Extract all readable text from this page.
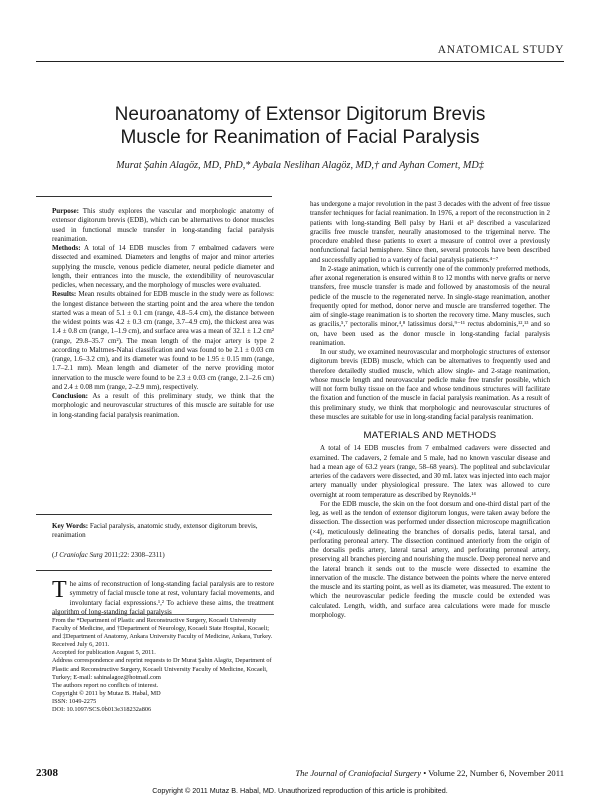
ANATOMICAL STUDY
Neuroanatomy of Extensor Digitorum Brevis
Muscle for Reanimation of Facial Paralysis
Murat Şahin Alagöz, MD, PhD,* Aybala Neslihan Alagöz, MD,† and Ayhan Comert, MD‡

Purpose: This study explores the vascular and morphologic anatomy of extensor digitorum brevis (EDB), which can be alternatives to donor muscles used in functional muscle transfer in long-standing facial paralysis reanimation.

Methods: A total of 14 EDB muscles from 7 embalmed cadavers were dissected and examined. Diameters and lengths of major and minor arteries supplying the muscle, venous pedicle diameter, neural pedicle diameter and length, their entrances into the muscle, the extendibility of neurovascular pedicles, when necessary, and the morphology of muscles were evaluated.

Results: Mean results obtained for EDB muscle in the study were as follows: the longest distance between the starting point and the area where the tendon started was a mean of 5.1 ± 0.1 cm (range, 4.8–5.4 cm), the distance between the widest points was 4.2 ± 0.3 cm (range, 3.7–4.9 cm), the thickest area was 1.4 ± 0.8 cm (range, 1–1.9 cm), and surface area was a mean of 32.1 ± 1.2 cm² (range, 29.8–35.7 cm²). The mean length of the major artery is type 2 according to Maltrnes-Nahai classification and was found to be 2.1 ± 0.03 cm (range, 1.6–3.2 cm), and its diameter was found to be 1.95 ± 0.15 mm (range, 1.7–2.1 mm). Mean length and diameter of the nerve providing motor innervation to the muscle were found to be 2.3 ± 0.03 cm (range, 2.1–2.6 cm) and 2.4 ± 0.08 mm (range, 2–2.9 mm), respectively.

Conclusion: As a result of this preliminary study, we think that the morphologic and neurovascular structures of this muscle are suitable for use in long-standing facial paralysis reanimation.

Key Words: Facial paralysis, anatomic study, extensor digitorum brevis, reanimation

(J Craniofac Surg 2011;22: 2308–2311)

The aims of reconstruction of long-standing facial paralysis are to restore symmetry of facial muscle tone at rest, voluntary facial movements, and involuntary facial expressions.¹,² To achieve these aims, the treatment algorithm of long-standing facial paralysis

From the *Department of Plastic and Reconstructive Surgery, Kocaeli University Faculty of Medicine, and †Department of Neurology, Kocaeli State Hospital, Kocaeli; and ‡Department of Anatomy, Ankara University Faculty of Medicine, Ankara, Turkey.
Received July 6, 2011.
Accepted for publication August 5, 2011.
Address correspondence and reprint requests to Dr Murat Şahin Alagöz, Department of Plastic and Reconstructive Surgery, Kocaeli University Faculty of Medicine, Kocaeli, Turkey; E-mail: sahinalagoz@hotmail.com
The authors report no conflicts of interest.
Copyright © 2011 by Mutaz B. Habal, MD
ISSN: 1049-2275
DOI: 10.1097/SCS.0b013e318232a806

has undergone a major revolution in the past 3 decades with the advent of free tissue transfer techniques for facial reanimation. In 1976, a report of the reconstruction in 2 patients with long-standing Bell palsy by Harii et al³ described a vascularized gracilis free muscle transfer, neurally anastomosed to the trigeminal nerve. The procedure enabled these patients to exert a measure of control over a previously nonfunctional facial hemisphere. Since then, several protocols have been described and successfully applied to a variety of facial paralysis patients.⁴⁻⁷

In 2-stage animation, which is currently one of the commonly preferred methods, after axonal regeneration is ensured within 8 to 12 months with nerve grafts or nerve transfers, free muscle transfer is made and followed by anastomosis of the neural pedicle of the muscle to the regenerated nerve. In single-stage reanimation, another frequently opted for method, donor nerve and muscle are transferred together. The aim of single-stage reanimation is to shorten the recovery time. Many muscles, such as gracilis,⁵,⁷ pectoralis minor,⁴,⁸ latissimus dorsi,⁹⁻¹¹ rectus abdominis,¹²,¹³ and so on, have been used as the donor muscle in long-standing facial paralysis reanimation.

In our study, we examined neurovascular and morphologic structures of extensor digitorum brevis (EDB) muscle, which can be alternatives to frequently used and therefore detailedly studied muscle, which allow single- and 2-stage reanimation, whose muscle length and neurovascular pedicle make free transfer possible, which will not form bulky tissue on the face and whose tendinous structures will facilitate the fixation and function of the muscle in facial paralysis reanimation. As a result of this preliminary study, we think that morphologic and neurovascular structures of these muscles are suitable for use in long-standing facial paralysis reanimation.

MATERIALS AND METHODS

A total of 14 EDB muscles from 7 embalmed cadavers were dissected and examined. The cadavers, 2 female and 5 male, had no known vascular disease and had a mean age of 63.2 years (range, 58–68 years). The popliteal and subclavicular arteries of the cadavers were dissected, and 30 mL latex was injected into each major artery manually under physiological pressure. The latex was allowed to cure overnight at room temperature as described by Reynolds.¹⁴

For the EDB muscle, the skin on the foot dorsum and one-third distal part of the leg, as well as the tendon of extensor digitorum longus, were taken away before the dissection. The dissection was performed under dissection microscope magnification (×4), meticulously delineating the branches of dorsalis pedis, lateral tarsal, and perforating peroneal artery. The dissection continued anteriorly from the origin of the dorsalis pedis artery, lateral tarsal artery, and perforating peroneal artery, preserving all branches piercing and nourishing the muscle. Deep peroneal nerve and the lateral branch it sends out to the muscle were dissected to examine the innervation of the muscle. The distance between the points where the nerve entered the muscle and its starting point, as well as its diameter, was measured. The extent to which the neurovascular pedicle feeding the muscle could be extended was calculated. Length, width, and surface area calculations were made for muscle morphology.

2308	The Journal of Craniofacial Surgery • Volume 22, Number 6, November 2011
Copyright © 2011 Mutaz B. Habal, MD. Unauthorized reproduction of this article is prohibited.
